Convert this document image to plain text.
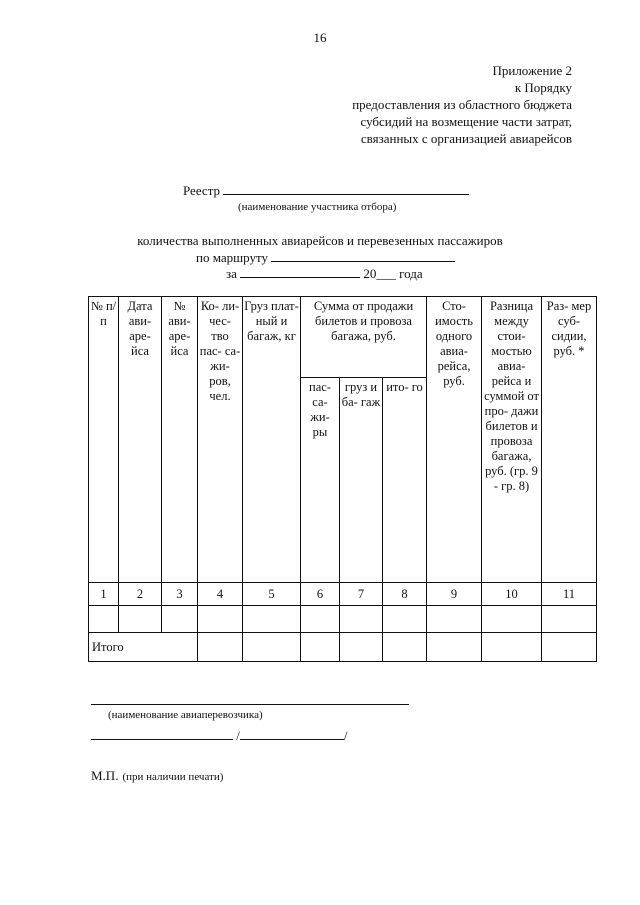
16
Приложение 2
к Порядку
предоставления из областного бюджета
субсидий на возмещение части затрат,
связанных с организацией авиарейсов
Реестр
(наименование участника отбора)
количества выполненных авиарейсов и перевезенных пассажиров
по маршруту
за	20___ года
№ п/п	Дата ави- аре- йса	№ ави- аре- йса	Ко- ли- чес- тво пас- са- жи- ров, чел.	Груз плат- ный и багаж, кг	Сумма от продажи билетов и провоза багажа, руб.			Сто- имость одного авиа- рейса, руб.	Разница между стои- мостью авиа- рейса и суммой от про- дажи билетов и провоза багажа, руб. (гр. 9 - гр. 8)	Раз- мер суб- сидии, руб. *
					пас- са- жи- ры	груз и ба- гаж	ито- го			
1	2	3	4	5	6	7	8	9	10	11

Итого										
(наименование авиаперевозчика)
/	/
М.П. (при наличии печати)
